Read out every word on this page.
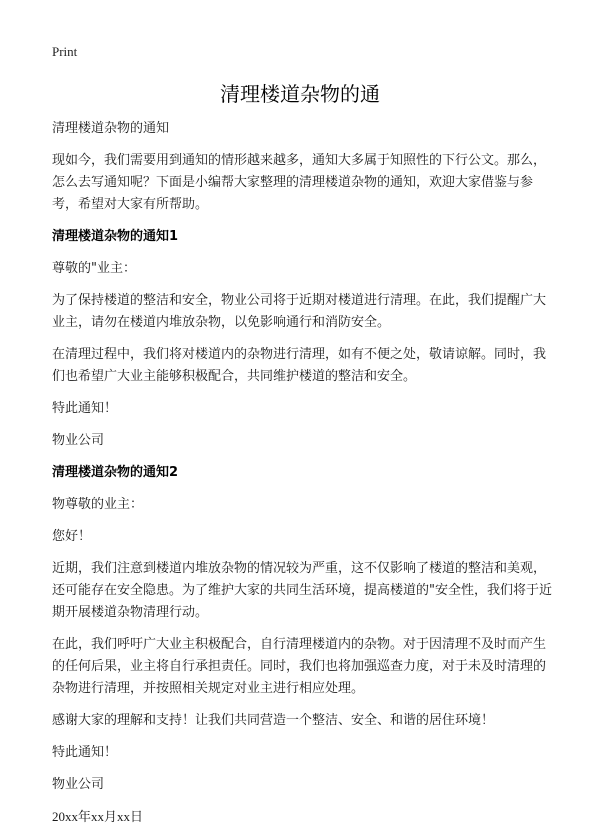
Print
清理楼道杂物的通

清理楼道杂物的通知

现如今，我们需要用到通知的情形越来越多，通知大多属于知照性的下行公文。那么，怎么去写通知呢？下面是小编帮大家整理的清理楼道杂物的通知，欢迎大家借鉴与参考，希望对大家有所帮助。

清理楼道杂物的通知1

尊敬的"业主：

为了保持楼道的整洁和安全，物业公司将于近期对楼道进行清理。在此，我们提醒广大业主，请勿在楼道内堆放杂物，以免影响通行和消防安全。

在清理过程中，我们将对楼道内的杂物进行清理，如有不便之处，敬请谅解。同时，我们也希望广大业主能够积极配合，共同维护楼道的整洁和安全。

特此通知！

物业公司

清理楼道杂物的通知2

物尊敬的业主：

您好！

近期，我们注意到楼道内堆放杂物的情况较为严重，这不仅影响了楼道的整洁和美观，还可能存在安全隐患。为了维护大家的共同生活环境，提高楼道的"安全性，我们将于近期开展楼道杂物清理行动。

在此，我们呼吁广大业主积极配合，自行清理楼道内的杂物。对于因清理不及时而产生的任何后果，业主将自行承担责任。同时，我们也将加强巡查力度，对于未及时清理的杂物进行清理，并按照相关规定对业主进行相应处理。

感谢大家的理解和支持！让我们共同营造一个整洁、安全、和谐的居住环境！

特此通知！

物业公司

20xx年xx月xx日
